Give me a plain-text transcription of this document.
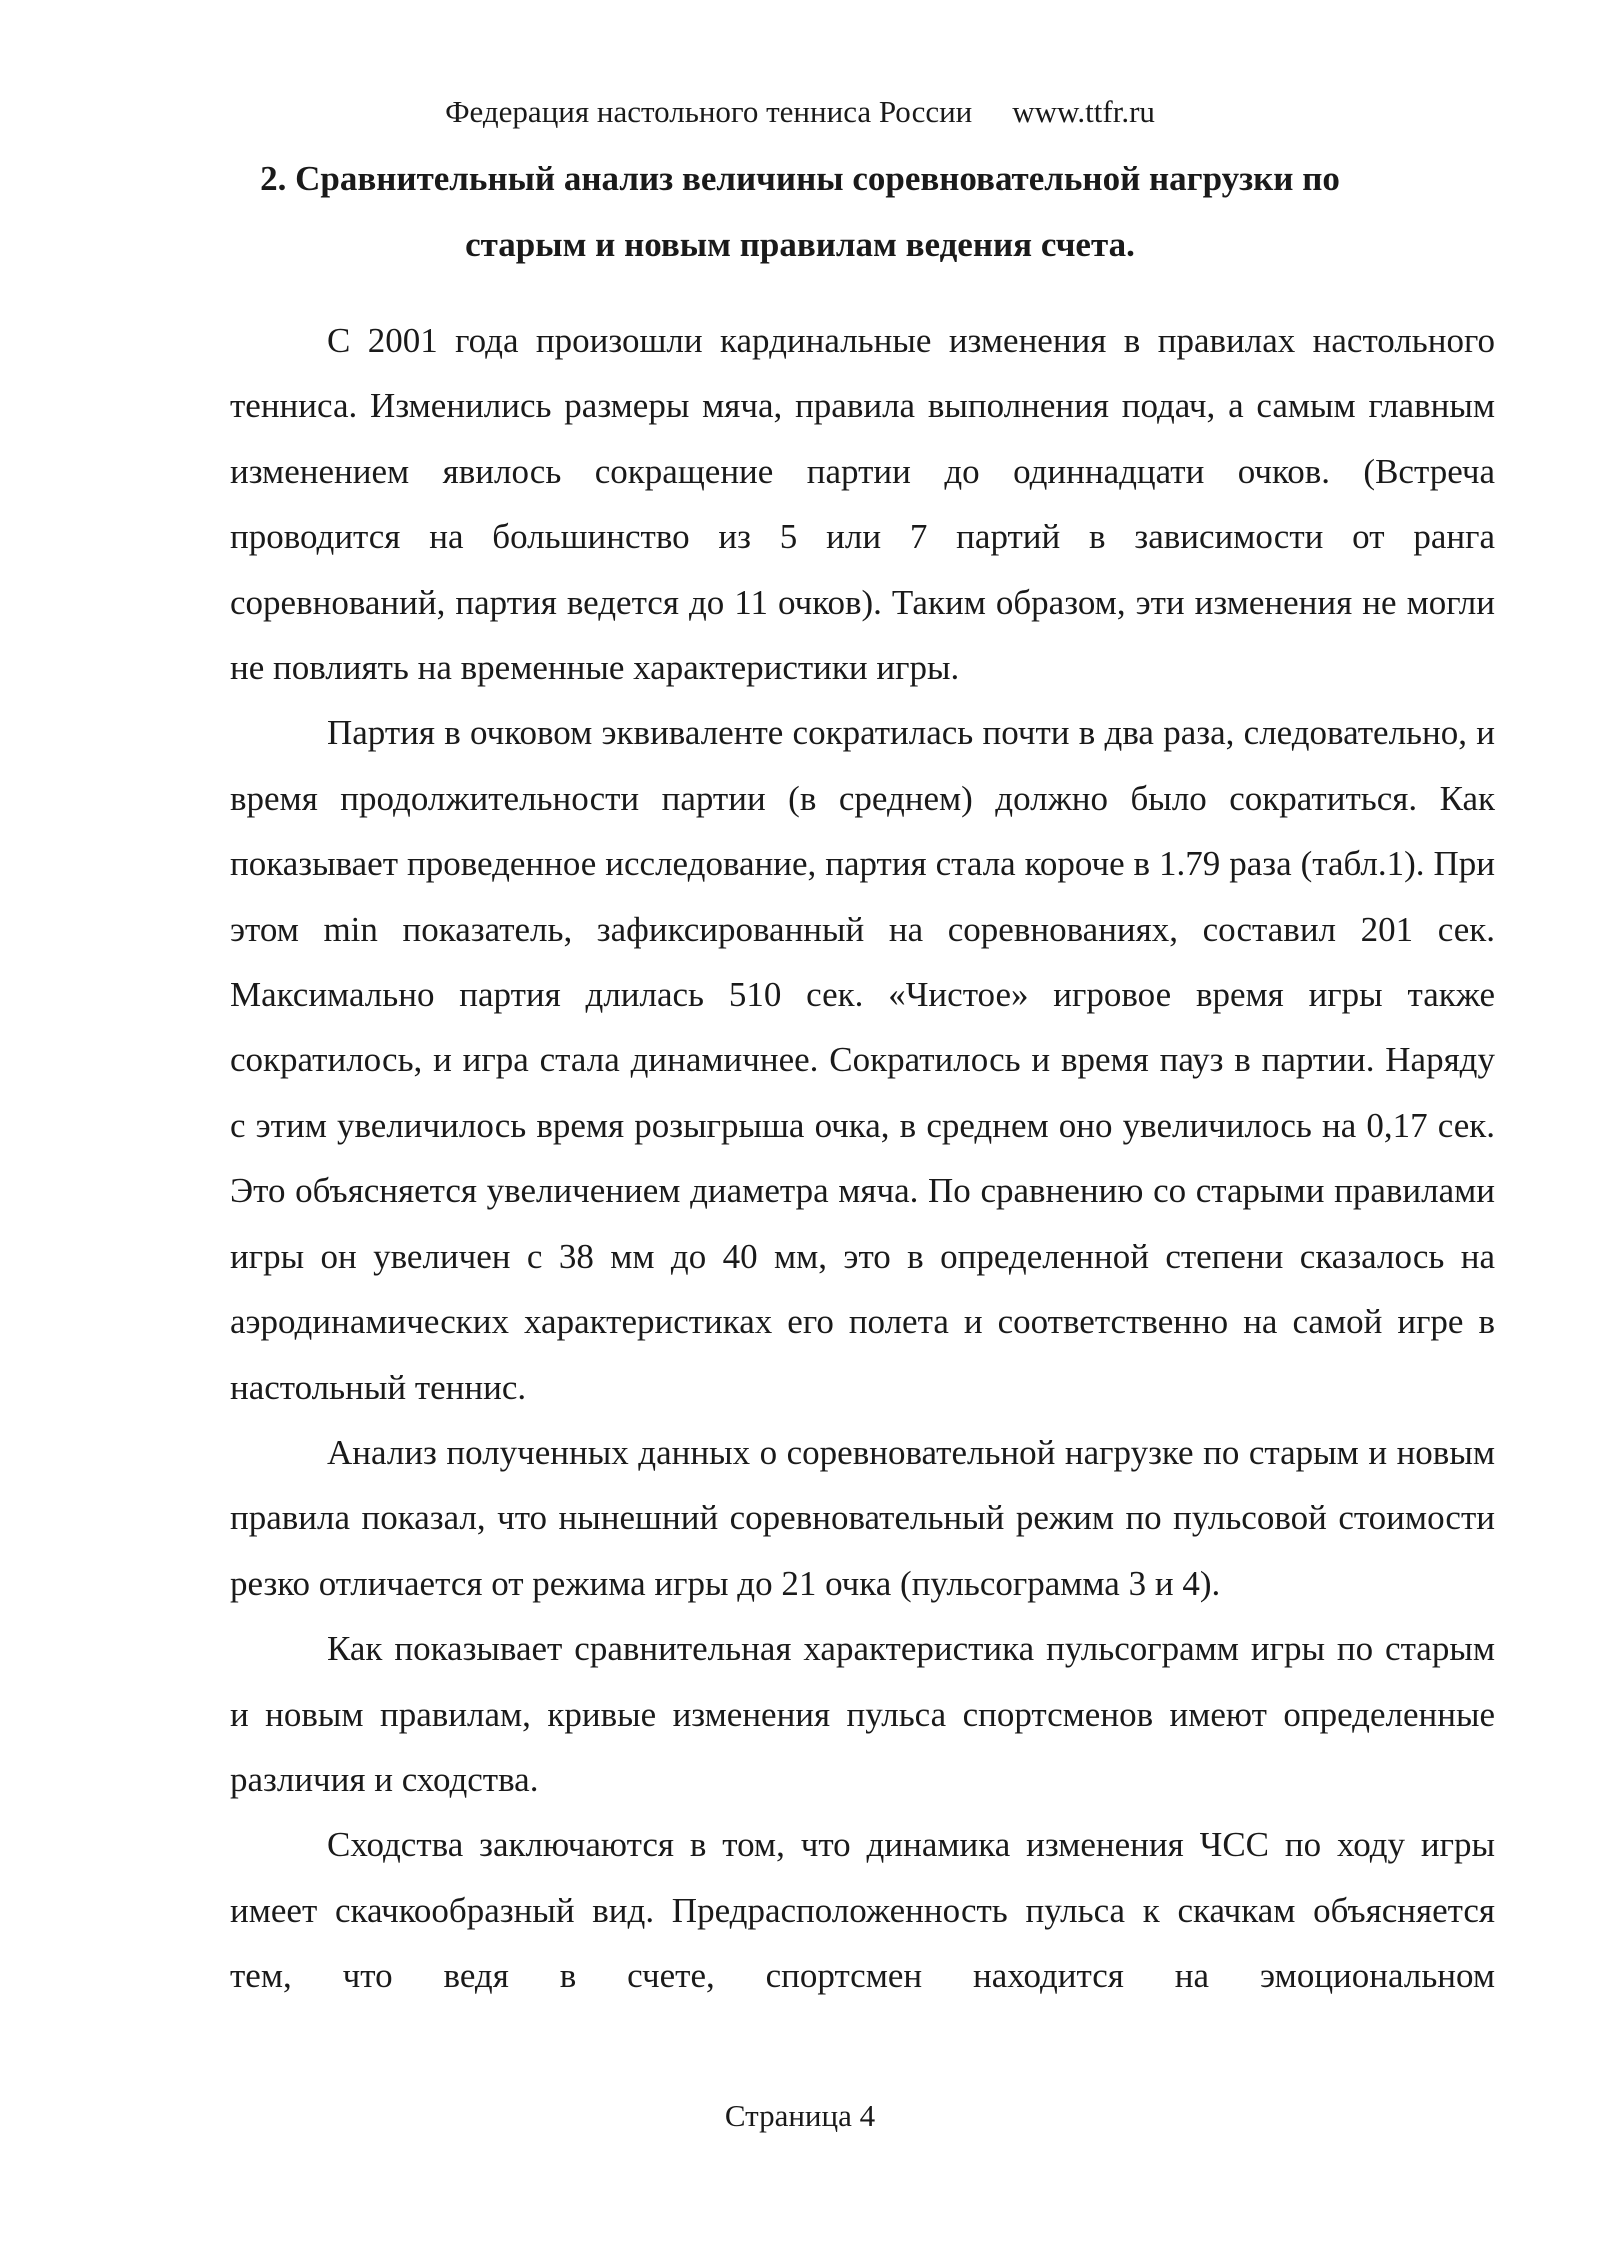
Федерация настольного тенниса России www.ttfr.ru
2. Сравнительный анализ величины соревновательной нагрузки по старым и новым правилам ведения счета.

С 2001 года произошли кардинальные изменения в правилах настольного тенниса. Изменились размеры мяча, правила выполнения подач, а самым главным изменением явилось сокращение партии до одиннадцати очков. (Встреча проводится на большинство из 5 или 7 партий в зависимости от ранга соревнований, партия ведется до 11 очков). Таким образом, эти изменения не могли не повлиять на временные характеристики игры.

Партия в очковом эквиваленте сократилась почти в два раза, следовательно, и время продолжительности партии (в среднем) должно было сократиться. Как показывает проведенное исследование, партия стала короче в 1.79 раза (табл.1). При этом min показатель, зафиксированный на соревнованиях, составил 201 сек. Максимально партия длилась 510 сек. «Чистое» игровое время игры также сократилось, и игра стала динамичнее. Сократилось и время пауз в партии. Наряду с этим увеличилось время розыгрыша очка, в среднем оно увеличилось на 0,17 сек. Это объясняется увеличением диаметра мяча. По сравнению со старыми правилами игры он увеличен с 38 мм до 40 мм, это в определенной степени сказалось на аэродинамических характеристиках его полета и соответственно на самой игре в настольный теннис.

Анализ полученных данных о соревновательной нагрузке по старым и новым правила показал, что нынешний соревновательный режим по пульсовой стоимости резко отличается от режима игры до 21 очка (пульсограмма 3 и 4).

Как показывает сравнительная характеристика пульсограмм игры по старым и новым правилам, кривые изменения пульса спортсменов имеют определенные различия и сходства.

Сходства заключаются в том, что динамика изменения ЧСС по ходу игры имеет скачкообразный вид. Предрасположенность пульса к скачкам объясняется тем, что ведя в счете, спортсмен находится на эмоциональном

Страница 4
